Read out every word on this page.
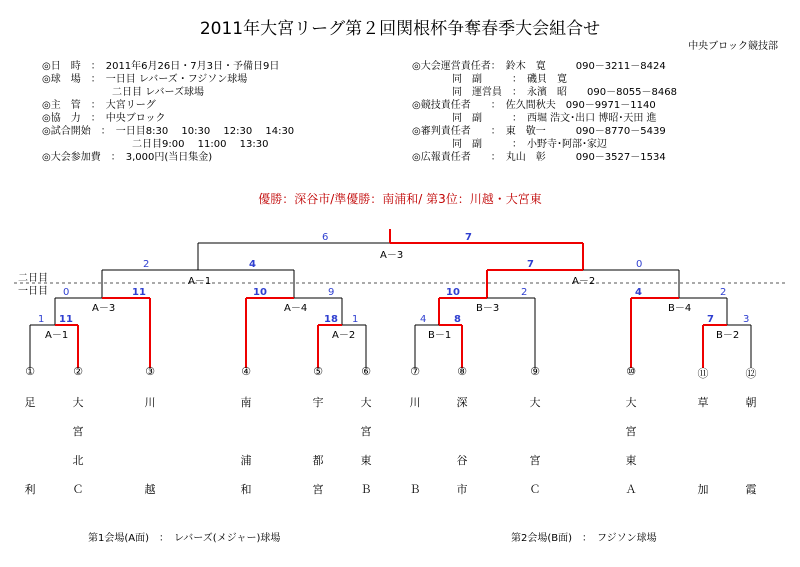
2011年大宮リーグ第２回関根杯争奪春季大会組合せ
中央ブロック競技部

◎日　時　：　2011年6月26日・7月3日・予備日9日

◎球　場　：　一日目 レバーズ・フジソン球場

　　　　　　　二日目 レバーズ球場

◎主　管　：　大宮リーグ

◎協　力　：　中央ブロック

◎試合開始　：　一日目8:30　 10:30　 12:30　 14:30

　　　　　　　　　二日目9:00　 11:00　 13:30

◎大会参加費　：　3,000円(当日集金)

◎大会運営責任者：　鈴木　寛　　　090－3211－8424

　　　　同　副　　　：　磯貝　寛

　　　　同　運営員　：　永濱　昭　　090－8055－8468

◎競技責任者　　：　佐久間秋夫　090－9971－1140

　　　　同　副　　　：　西堀 浩文･出口 博昭･天田 進

◎審判責任者　　：　東　敬一　　　090－8770－5439

　　　　同　副　　　：　小野寺･阿部･家辺

◎広報責任者　　：　丸山　彰　　　090－3527－1534

優勝：深谷市/準優勝：南浦和/ 第3位：川越・大宮東
二日目
一日目
A－3
A－1	A－2
A－3	A－4	B－3	B－4
A－1	A－2	B－1	B－2
6	7
2	4	7	0
0	11	10	9	10	2	4	2
1 11	18 1	4	8	7	3
①
足
利
②
大
宮
北
Ｃ
③
川
越
④
南
浦
和
⑤
宇
都
宮
⑥
大
宮
東
Ｂ
⑦
川
Ｂ
⑧
深
谷
市
⑨
大
宮
Ｃ
⑩
大
宮
東
Ａ
⑪
草
加
⑫
朝
霞
第1会場(A面)　：　レバーズ(メジャー)球場	第2会場(B面)　：　フジソン球場
